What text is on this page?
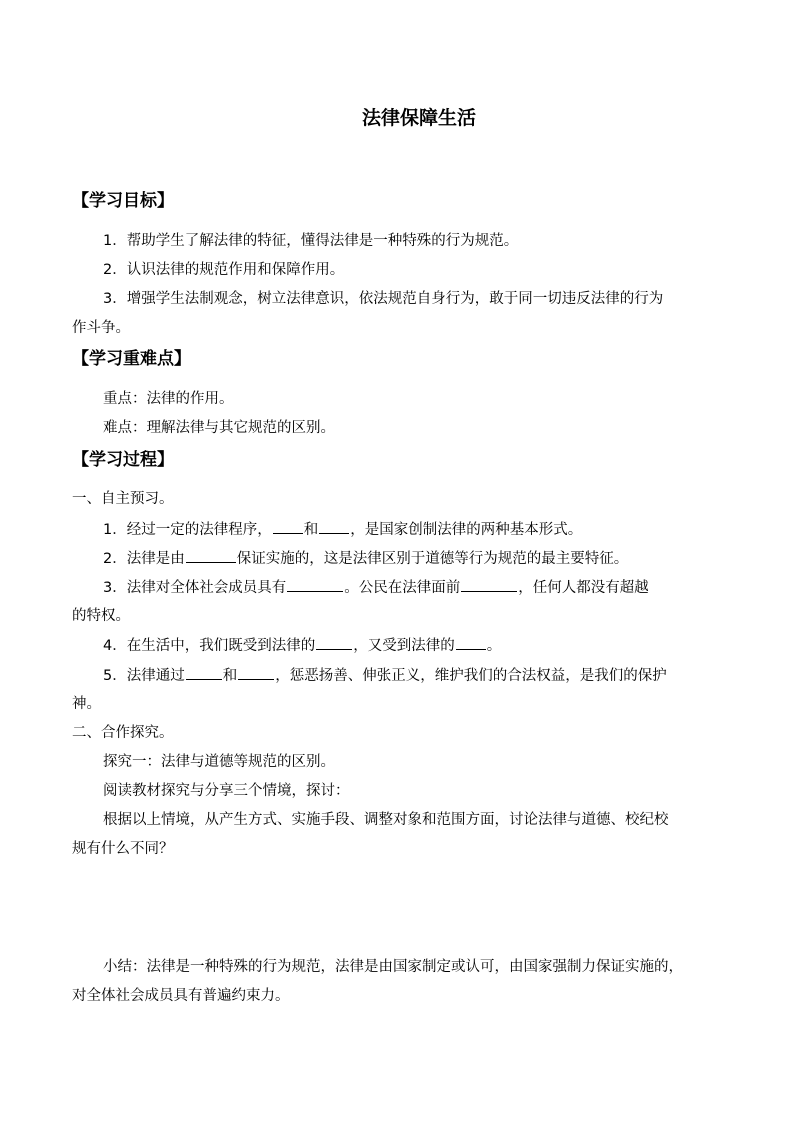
法律保障生活
【学习目标】
1．帮助学生了解法律的特征，懂得法律是一种特殊的行为规范。
2．认识法律的规范作用和保障作用。
3．增强学生法制观念，树立法律意识，依法规范自身行为，敢于同一切违反法律的行为
作斗争。
【学习重难点】
重点：法律的作用。
难点：理解法律与其它规范的区别。
【学习过程】
一、自主预习。
1．经过一定的法律程序， 和 ，是国家创制法律的两种基本形式。
2．法律是由	保证实施的，这是法律区别于道德等行为规范的最主要特征。
3．法律对全体社会成员具有	。公民在法律面前	，任何人都没有超越
的特权。
4．在生活中，我们既受到法律的	，又受到法律的 。
5．法律通过	和	，惩恶扬善、伸张正义，维护我们的合法权益，是我们的保护
神。
二、合作探究。
探究一：法律与道德等规范的区别。
阅读教材探究与分享三个情境，探讨：
根据以上情境，从产生方式、实施手段、调整对象和范围方面，讨论法律与道德、校纪校
规有什么不同？
小结：法律是一种特殊的行为规范，法律是由国家制定或认可，由国家强制力保证实施的，
对全体社会成员具有普遍约束力。
